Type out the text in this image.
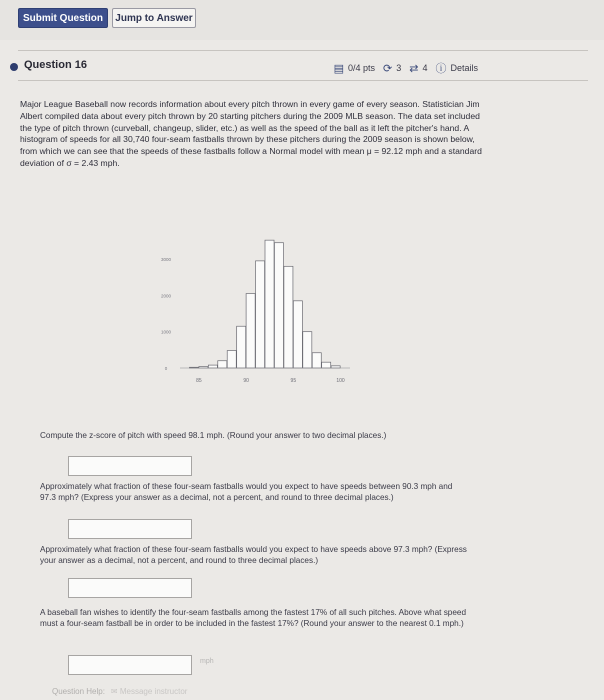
Submit Question	Jump to Answer
Question 16	▤ 0/4 pts ⟳ 3 ⇄ 4 ⓘ Details
Major League Baseball now records information about every pitch thrown in every game of every season. Statistician Jim Albert compiled data about every pitch thrown by 20 starting pitchers during the 2009 MLB season. The data set included the type of pitch thrown (curveball, changeup, slider, etc.) as well as the speed of the ball as it left the pitcher's hand. A histogram of speeds for all 30,740 four-seam fastballs thrown by these pitchers during the 2009 season is shown below, from which we can see that the speeds of these fastballs follow a Normal model with mean μ = 92.12 mph and a standard deviation of σ = 2.43 mph.
0
1000
2000
3000
85	90	95	100
Compute the z-score of pitch with speed 98.1 mph. (Round your answer to two decimal places.)
Approximately what fraction of these four-seam fastballs would you expect to have speeds between 90.3 mph and 97.3 mph? (Express your answer as a decimal, not a percent, and round to three decimal places.)
Approximately what fraction of these four-seam fastballs would you expect to have speeds above 97.3 mph? (Express your answer as a decimal, not a percent, and round to three decimal places.)
A baseball fan wishes to identify the four-seam fastballs among the fastest 17% of all such pitches. Above what speed must a four-seam fastball be in order to be included in the fastest 17%? (Round your answer to the nearest 0.1 mph.)
mph
Question Help: ✉ Message instructor
